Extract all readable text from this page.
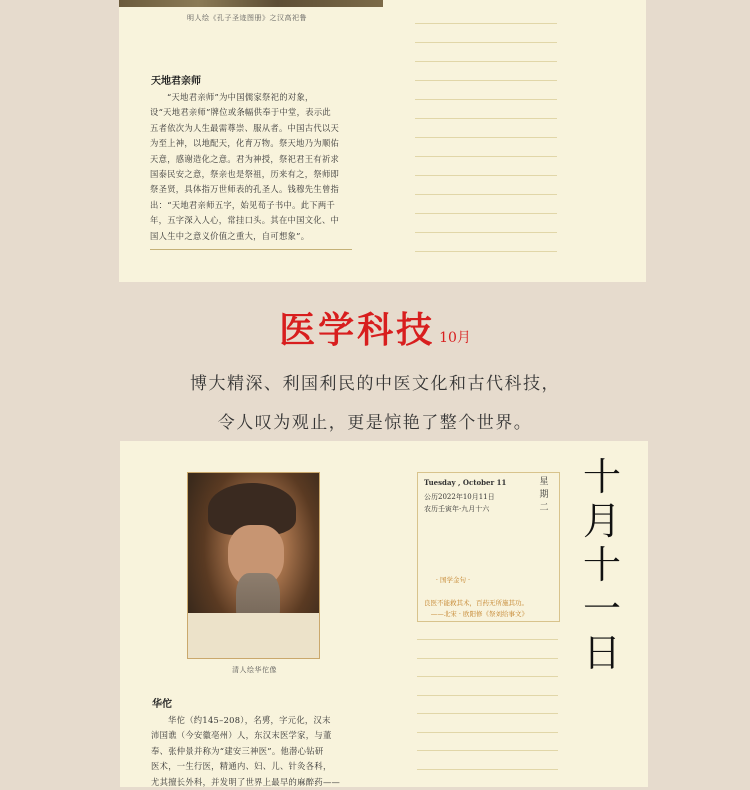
明人绘《孔子圣迹图册》之汉高祀鲁
天地君亲师
“天地君亲师”为中国儒家祭祀的对象，
设“天地君亲师”牌位或条幅供奉于中堂，表示此
五者依次为人生最需尊崇、服从者。中国古代以天
为至上神，以地配天，化育万物。祭天地乃为顺佑
天意，感谢造化之意。君为神授，祭祀君王有祈求
国泰民安之意，祭亲也是祭祖，历来有之，祭师即
祭圣贤，具体指万世师表的孔圣人。钱穆先生曾指
出：“天地君亲师五字，始见荀子书中。此下两千
年，五字深入人心，常挂口头。其在中国文化、中
国人生中之意义价值之重大，自可想象”。
医学科技 10月
博大精深、利国利民的中医文化和古代科技，
令人叹为观止，更是惊艳了整个世界。
清人绘华佗像
华佗
华佗（约145–208），名旉，字元化，汉末
沛国谯（今安徽亳州）人，东汉末医学家，与董
奉、张仲景并称为“建安三神医”。他潜心钻研
医术，一生行医，精通内、妇、儿、针灸各科，
尤其擅长外科，并发明了世界上最早的麻醉药——
Tuesday , October 11
公历2022年10月11日
农历壬寅年·九月十六
星
期
二
· 国学金句 ·
良医不能救其术，百药无所施其功。
——北宋 · 欧阳修《祭刘给事文》
十
月
十
一
日
